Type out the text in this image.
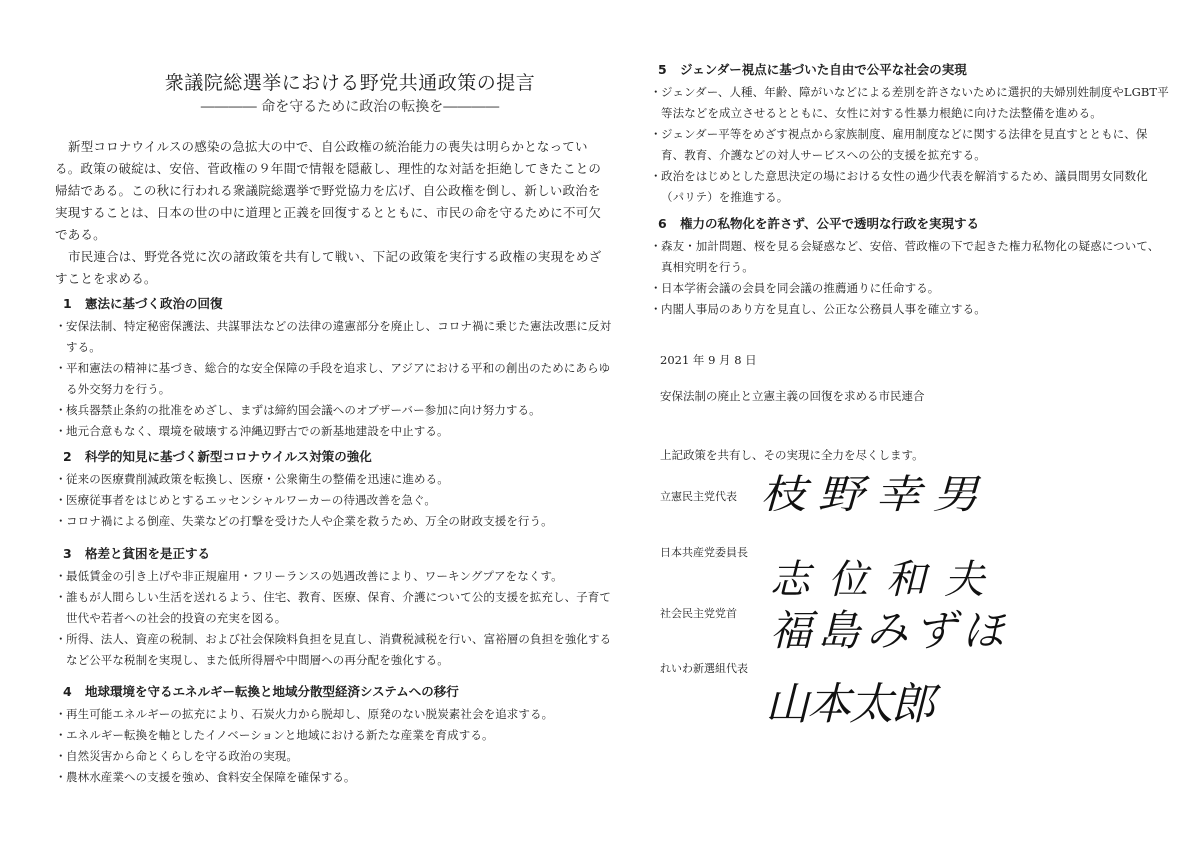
衆議院総選挙における野党共通政策の提言
―――― 命を守るために政治の転換を――――

新型コロナウイルスの感染の急拡大の中で、自公政権の統治能力の喪失は明らかとなっている。政策の破綻は、安倍、菅政権の９年間で情報を隠蔽し、理性的な対話を拒絶してきたことの帰結である。この秋に行われる衆議院総選挙で野党協力を広げ、自公政権を倒し、新しい政治を実現することは、日本の世の中に道理と正義を回復するとともに、市民の命を守るために不可欠である。

市民連合は、野党各党に次の諸政策を共有して戦い、下記の政策を実行する政権の実現をめざすことを求める。

1 憲法に基づく政治の回復
・ 安保法制、特定秘密保護法、共謀罪法などの法律の違憲部分を廃止し、コロナ禍に乗じた憲法改悪に反対する。
・ 平和憲法の精神に基づき、総合的な安全保障の手段を追求し、アジアにおける平和の創出のためにあらゆる外交努力を行う。
・ 核兵器禁止条約の批准をめざし、まずは締約国会議へのオブザーバー参加に向け努力する。
・ 地元合意もなく、環境を破壊する沖縄辺野古での新基地建設を中止する。
2 科学的知見に基づく新型コロナウイルス対策の強化
・ 従来の医療費削減政策を転換し、医療・公衆衛生の整備を迅速に進める。
・ 医療従事者をはじめとするエッセンシャルワーカーの待遇改善を急ぐ。
・ コロナ禍による倒産、失業などの打撃を受けた人や企業を救うため、万全の財政支援を行う。
3 格差と貧困を是正する
・ 最低賃金の引き上げや非正規雇用・フリーランスの処遇改善により、ワーキングプアをなくす。
・ 誰もが人間らしい生活を送れるよう、住宅、教育、医療、保育、介護について公的支援を拡充し、子育て世代や若者への社会的投資の充実を図る。
・ 所得、法人、資産の税制、および社会保険料負担を見直し、消費税減税を行い、富裕層の負担を強化するなど公平な税制を実現し、また低所得層や中間層への再分配を強化する。
4 地球環境を守るエネルギー転換と地域分散型経済システムへの移行
・ 再生可能エネルギーの拡充により、石炭火力から脱却し、原発のない脱炭素社会を追求する。
・ エネルギー転換を軸としたイノベーションと地域における新たな産業を育成する。
・ 自然災害から命とくらしを守る政治の実現。
・ 農林水産業への支援を強め、食料安全保障を確保する。
5 ジェンダー視点に基づいた自由で公平な社会の実現
・ ジェンダー、人種、年齢、障がいなどによる差別を許さないために選択的夫婦別姓制度やLGBT平等法などを成立させるとともに、女性に対する性暴力根絶に向けた法整備を進める。
・ ジェンダー平等をめざす視点から家族制度、雇用制度などに関する法律を見直すとともに、保育、教育、介護などの対人サービスへの公的支援を拡充する。
・ 政治をはじめとした意思決定の場における女性の過少代表を解消するため、議員間男女同数化（パリテ）を推進する。
6 権力の私物化を許さず、公平で透明な行政を実現する
・ 森友・加計問題、桜を見る会疑惑など、安倍、菅政権の下で起きた権力私物化の疑惑について、真相究明を行う。
・ 日本学術会議の会員を同会議の推薦通りに任命する。
・ 内閣人事局のあり方を見直し、公正な公務員人事を確立する。
2021 年 9 月 8 日
安保法制の廃止と立憲主義の回復を求める市民連合
上記政策を共有し、その実現に全力を尽くします。
立憲民主党代表 枝野幸男
日本共産党委員長
志位和夫
社会民主党党首 福島みずほ
れいわ新選組代表
山本太郎
